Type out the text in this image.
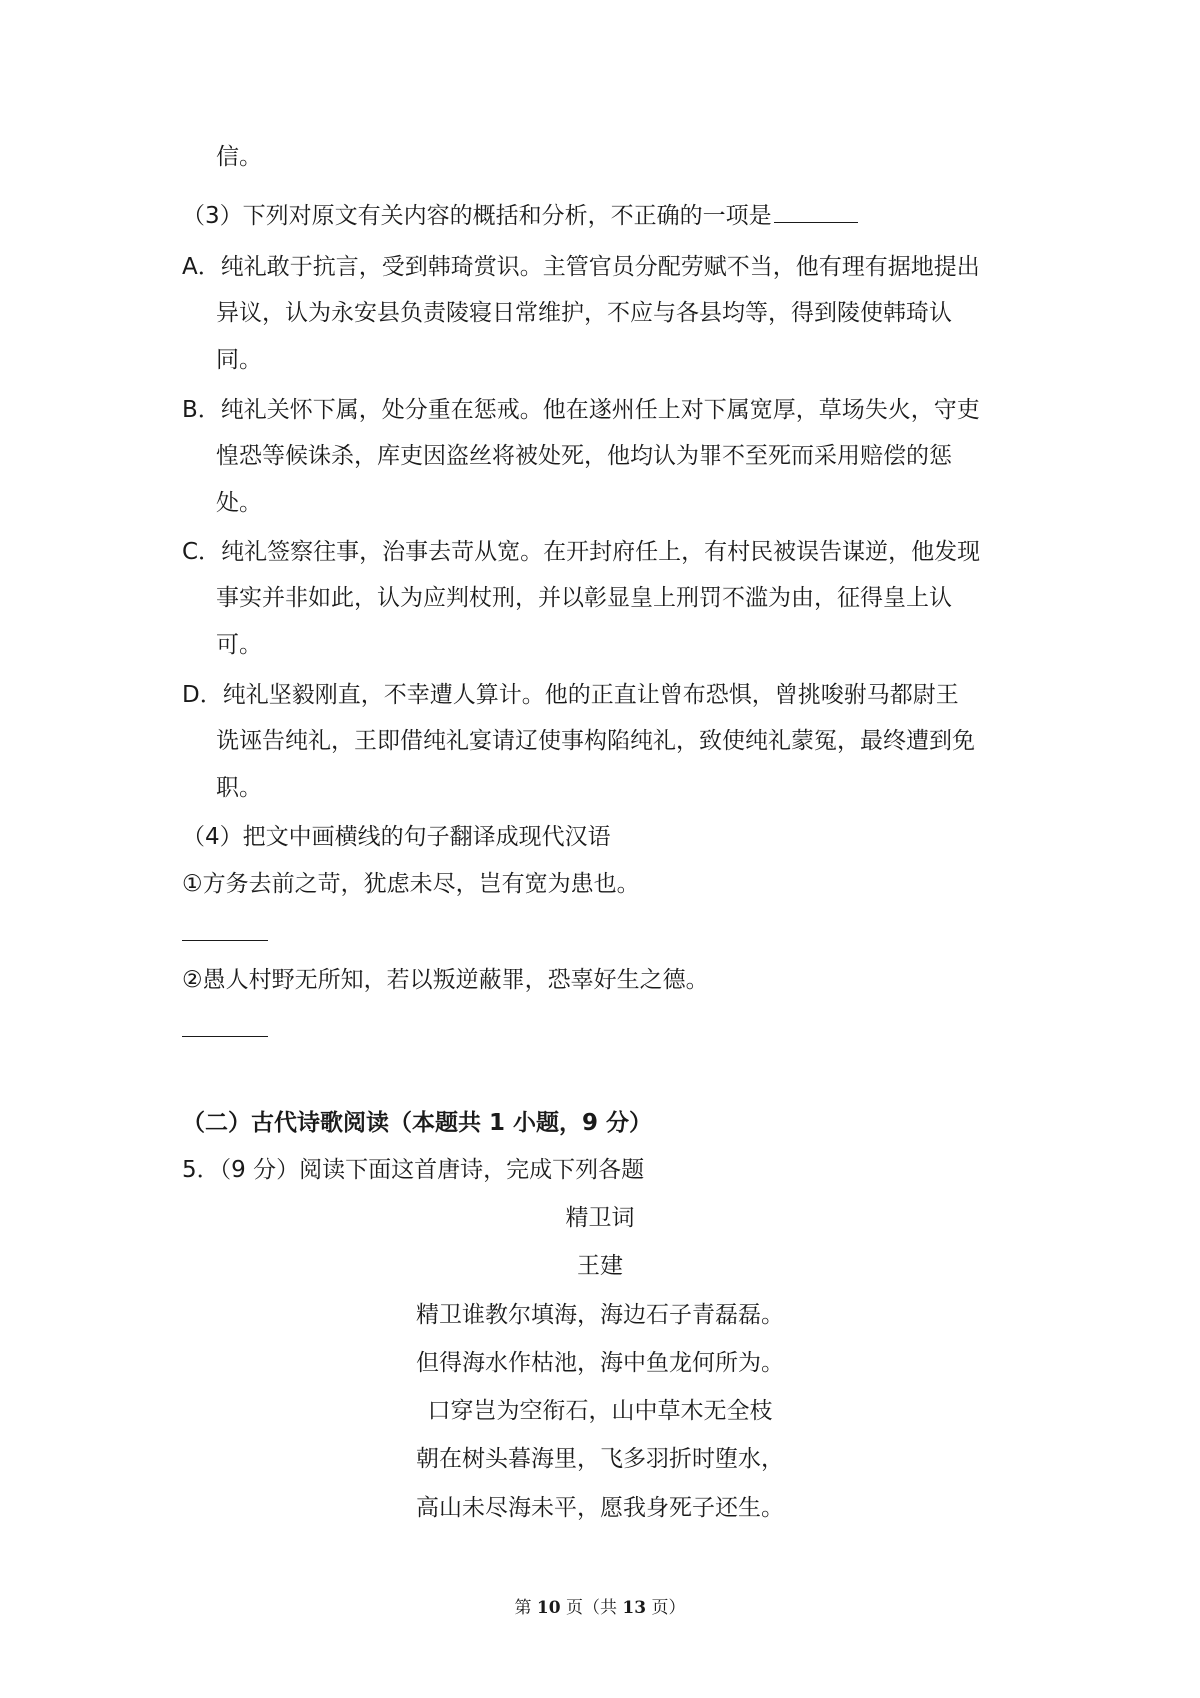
信。
（3）下列对原文有关内容的概括和分析，不正确的一项是
A．纯礼敢于抗言，受到韩琦赏识。主管官员分配劳赋不当，他有理有据地提出
异议，认为永安县负责陵寝日常维护，不应与各县均等，得到陵使韩琦认
同。
B．纯礼关怀下属，处分重在惩戒。他在遂州任上对下属宽厚，草场失火，守吏
惶恐等候诛杀，库吏因盗丝将被处死，他均认为罪不至死而采用赔偿的惩
处。
C．纯礼签察往事，治事去苛从宽。在开封府任上，有村民被误告谋逆，他发现
事实并非如此，认为应判杖刑，并以彰显皇上刑罚不滥为由，征得皇上认
可。
D．纯礼坚毅刚直，不幸遭人算计。他的正直让曾布恐惧，曾挑唆驸马都尉王
诜诬告纯礼，王即借纯礼宴请辽使事构陷纯礼，致使纯礼蒙冤，最终遭到免
职。
（4）把文中画横线的句子翻译成现代汉语
①方务去前之苛，犹虑未尽，岂有宽为患也。
②愚人村野无所知，若以叛逆蔽罪，恐辜好生之德。
（二）古代诗歌阅读（本题共 1 小题，9 分）
5．（9 分）阅读下面这首唐诗，完成下列各题
精卫词
王建
精卫谁教尔填海，海边石子青磊磊。
但得海水作枯池，海中鱼龙何所为。
口穿岂为空衔石，山中草木无全枝
朝在树头暮海里，飞多羽折时堕水，
高山未尽海未平，愿我身死子还生。
第 10 页（共 13 页）
